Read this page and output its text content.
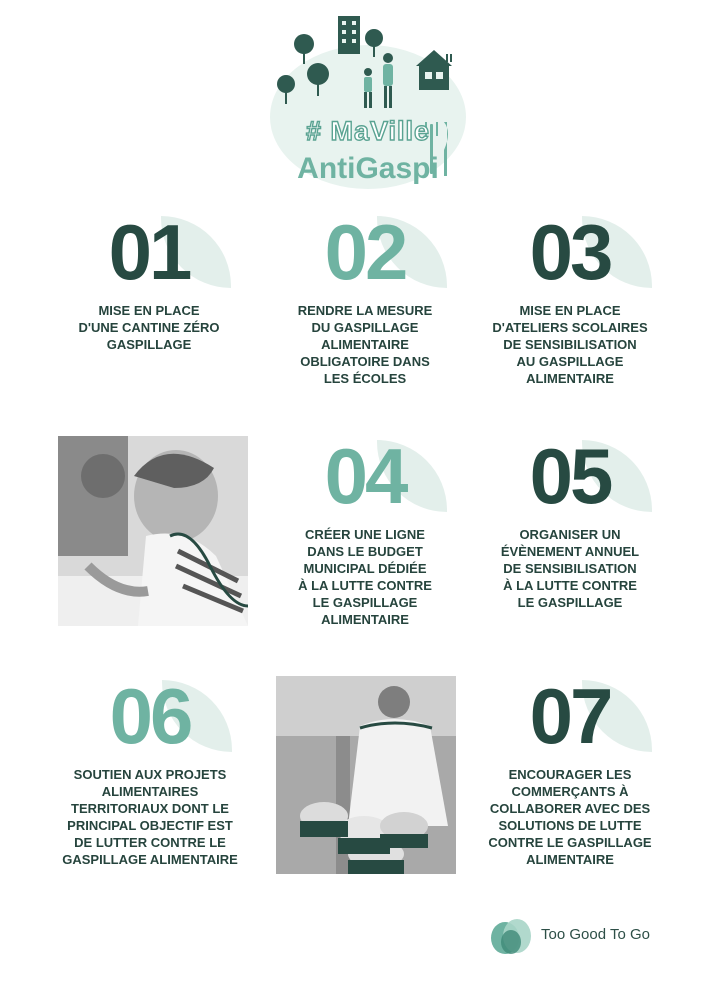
# MaVille
AntiGaspi
01
MISE EN PLACE
D'UNE CANTINE ZÉRO
GASPILLAGE
02
RENDRE LA MESURE
DU GASPILLAGE
ALIMENTAIRE
OBLIGATOIRE DANS
LES ÉCOLES
03
MISE EN PLACE
D'ATELIERS SCOLAIRES
DE SENSIBILISATION
AU GASPILLAGE
ALIMENTAIRE
04
CRÉER UNE LIGNE
DANS LE BUDGET
MUNICIPAL DÉDIÉE
À LA LUTTE CONTRE
LE GASPILLAGE
ALIMENTAIRE
05
ORGANISER UN
ÉVÈNEMENT ANNUEL
DE SENSIBILISATION
À LA LUTTE CONTRE
LE GASPILLAGE
06
SOUTIEN AUX PROJETS
ALIMENTAIRES
TERRITORIAUX DONT LE
PRINCIPAL OBJECTIF EST
DE LUTTER CONTRE LE
GASPILLAGE ALIMENTAIRE
07
ENCOURAGER LES
COMMERÇANTS À
COLLABORER AVEC DES
SOLUTIONS DE LUTTE
CONTRE LE GASPILLAGE
ALIMENTAIRE
Too Good To Go
